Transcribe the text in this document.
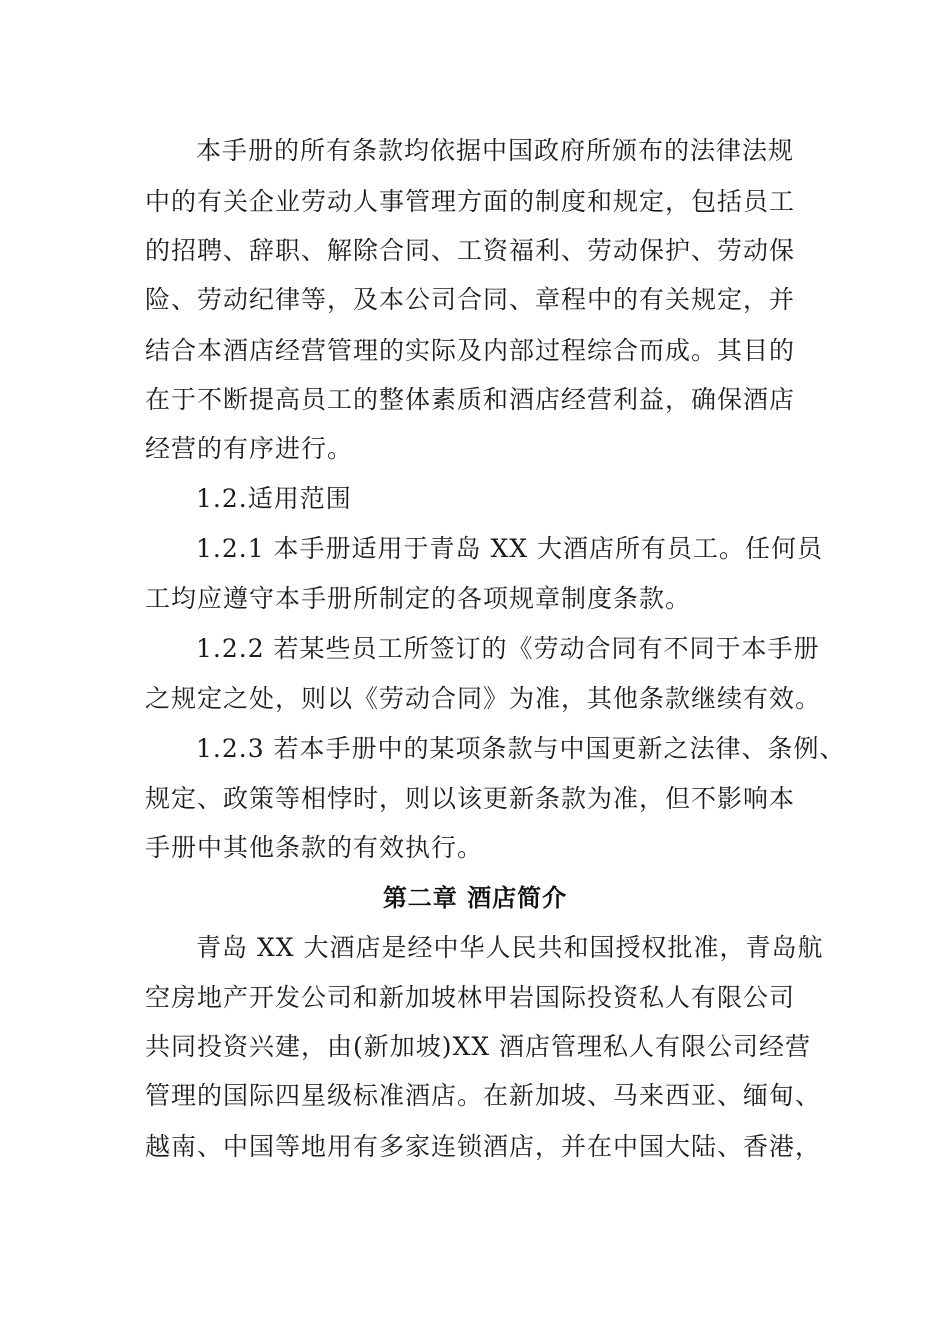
本手册的所有条款均依据中国政府所颁布的法律法规
中的有关企业劳动人事管理方面的制度和规定，包括员工
的招聘、辞职、解除合同、工资福利、劳动保护、劳动保
险、劳动纪律等，及本公司合同、章程中的有关规定，并
结合本酒店经营管理的实际及内部过程综合而成。其目的
在于不断提高员工的整体素质和酒店经营利益，确保酒店
经营的有序进行。
1.2.适用范围
1.2.1 本手册适用于青岛 XX 大酒店所有员工。任何员
工均应遵守本手册所制定的各项规章制度条款。
1.2.2 若某些员工所签订的《劳动合同有不同于本手册
之规定之处，则以《劳动合同》为准，其他条款继续有效。
1.2.3 若本手册中的某项条款与中国更新之法律、条例、
规定、政策等相悖时，则以该更新条款为准，但不影响本
手册中其他条款的有效执行。
第二章 酒店简介
青岛 XX 大酒店是经中华人民共和国授权批准，青岛航
空房地产开发公司和新加坡林甲岩国际投资私人有限公司
共同投资兴建，由(新加坡)XX 酒店管理私人有限公司经营
管理的国际四星级标准酒店。在新加坡、马来西亚、缅甸、
越南、中国等地用有多家连锁酒店，并在中国大陆、香港，
